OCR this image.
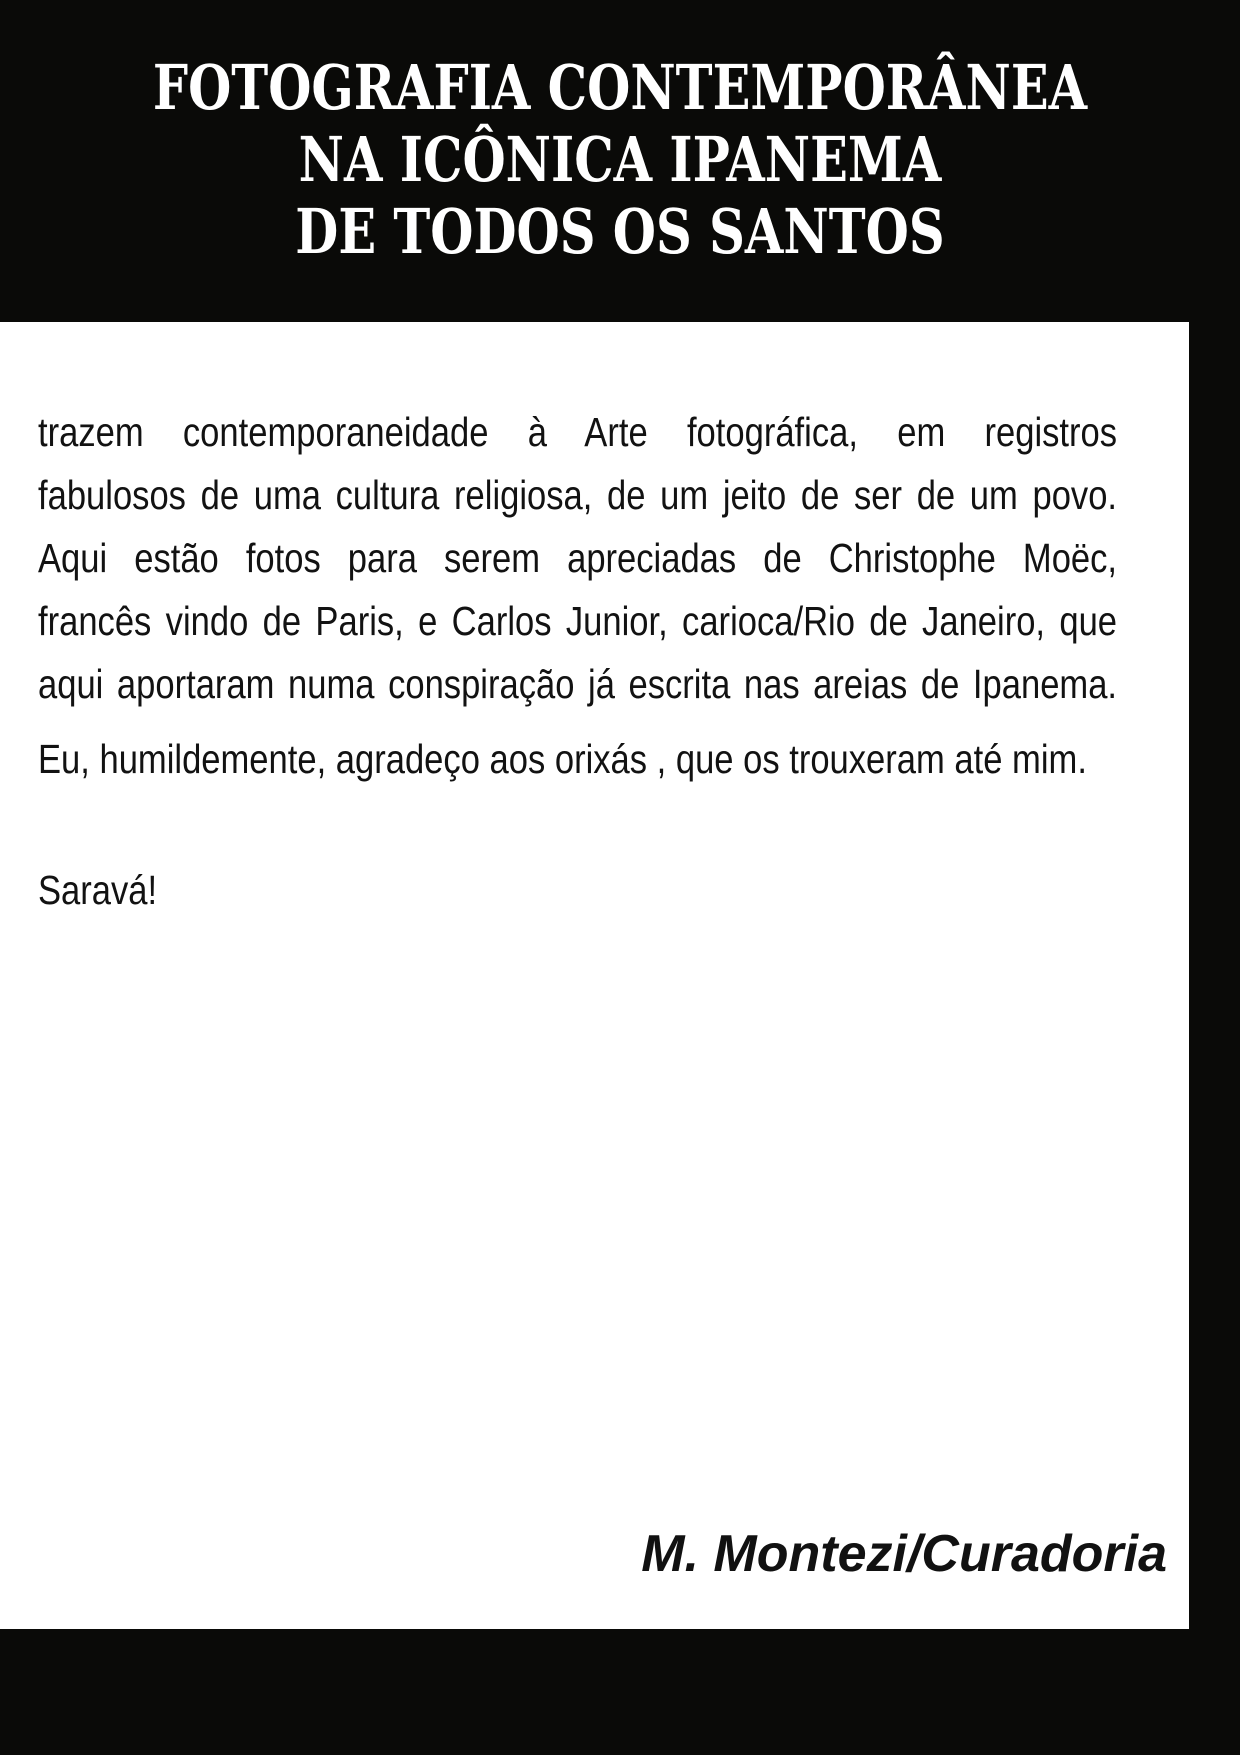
FOTOGRAFIA CONTEMPORÂNEA
NA ICÔNICA IPANEMA
DE TODOS OS SANTOS
trazem contemporaneidade à Arte fotográfica, em registros
fabulosos de uma cultura religiosa, de um jeito de ser de um povo.
Aqui estão fotos para serem apreciadas de Christophe Moëc,
francês vindo de Paris, e Carlos Junior, carioca/Rio de Janeiro, que
aqui aportaram numa conspiração já escrita nas areias de Ipanema.
Eu, humildemente, agradeço aos orixás , que os trouxeram até mim.
Saravá!
M. Montezi/Curadoria
